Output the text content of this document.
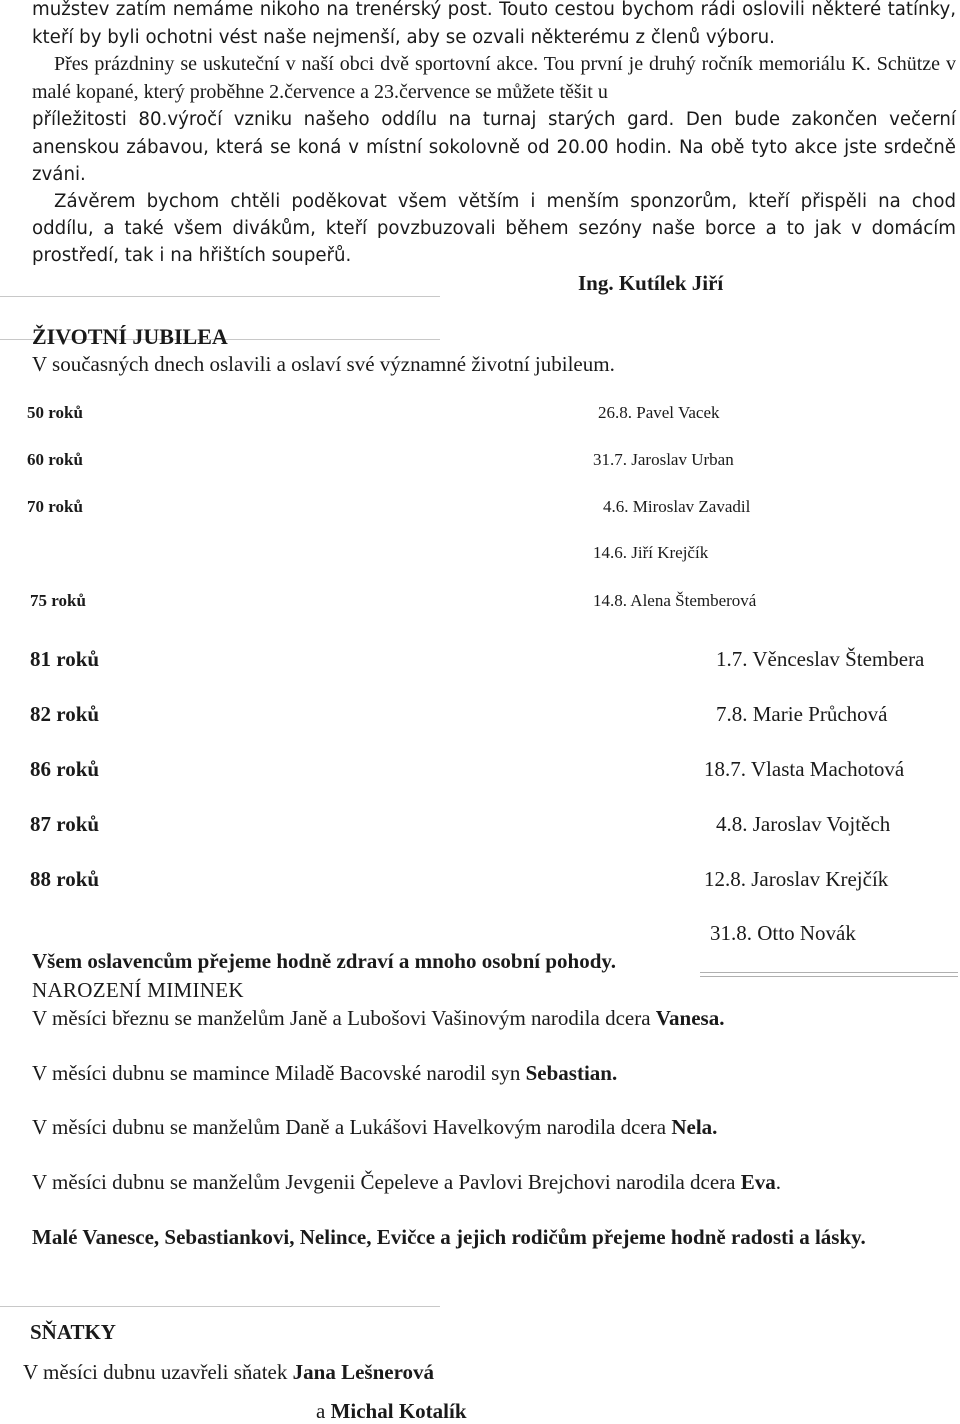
mužstev zatím nemáme nikoho na trenérský post. Touto cestou bychom rádi oslovili některé tatínky, kteří by byli ochotni vést naše nejmenší, aby se ozvali některému z členů výboru.
Přes prázdniny se uskuteční v naší obci dvě sportovní akce. Tou první je druhý ročník memoriálu K. Schütze v malé kopané, který proběhne 2.července a 23.července se můžete těšit u
příležitosti 80.výročí vzniku našeho oddílu na turnaj starých gard. Den bude zakončen večerní anenskou zábavou, která se koná v místní sokolovně od 20.00 hodin. Na obě tyto akce jste srdečně zváni.
Závěrem bychom chtěli poděkovat všem větším i menším sponzorům, kteří přispěli na chod oddílu, a také všem divákům, kteří povzbuzovali během sezóny naše borce a to jak v domácím prostředí, tak i na hřištích soupeřů.
Ing. Kutílek Jiří
ŽIVOTNÍ JUBILEA
V současných dnech oslavili a oslaví své významné životní jubileum.
50 roků	26.8. Pavel Vacek
60 roků	31.7. Jaroslav Urban
70 roků	4.6. Miroslav Zavadil
14.6. Jiří Krejčík
75 roků	14.8. Alena Štemberová
81 roků	1.7. Věnceslav Štembera
82 roků	7.8. Marie Průchová
86 roků	18.7. Vlasta Machotová
87 roků	4.8. Jaroslav Vojtěch
88 roků	12.8. Jaroslav Krejčík
31.8. Otto Novák
Všem oslavencům přejeme hodně zdraví a mnoho osobní pohody.
NAROZENÍ MIMINEK
V měsíci březnu se manželům Janě a Lubošovi Vašinovým narodila dcera Vanesa.
V měsíci dubnu se mamince Miladě Bacovské narodil syn Sebastian.
V měsíci dubnu se manželům Daně a Lukášovi Havelkovým narodila dcera Nela.
V měsíci dubnu se manželům Jevgenii Čepeleve a Pavlovi Brejchovi narodila dcera Eva.
Malé Vanesce, Sebastiankovi, Nelince, Evičce a jejich rodičům přejeme hodně radosti a lásky.
SŇATKY
V měsíci dubnu uzavřeli sňatek Jana Lešnerová
a Michal Kotalík
